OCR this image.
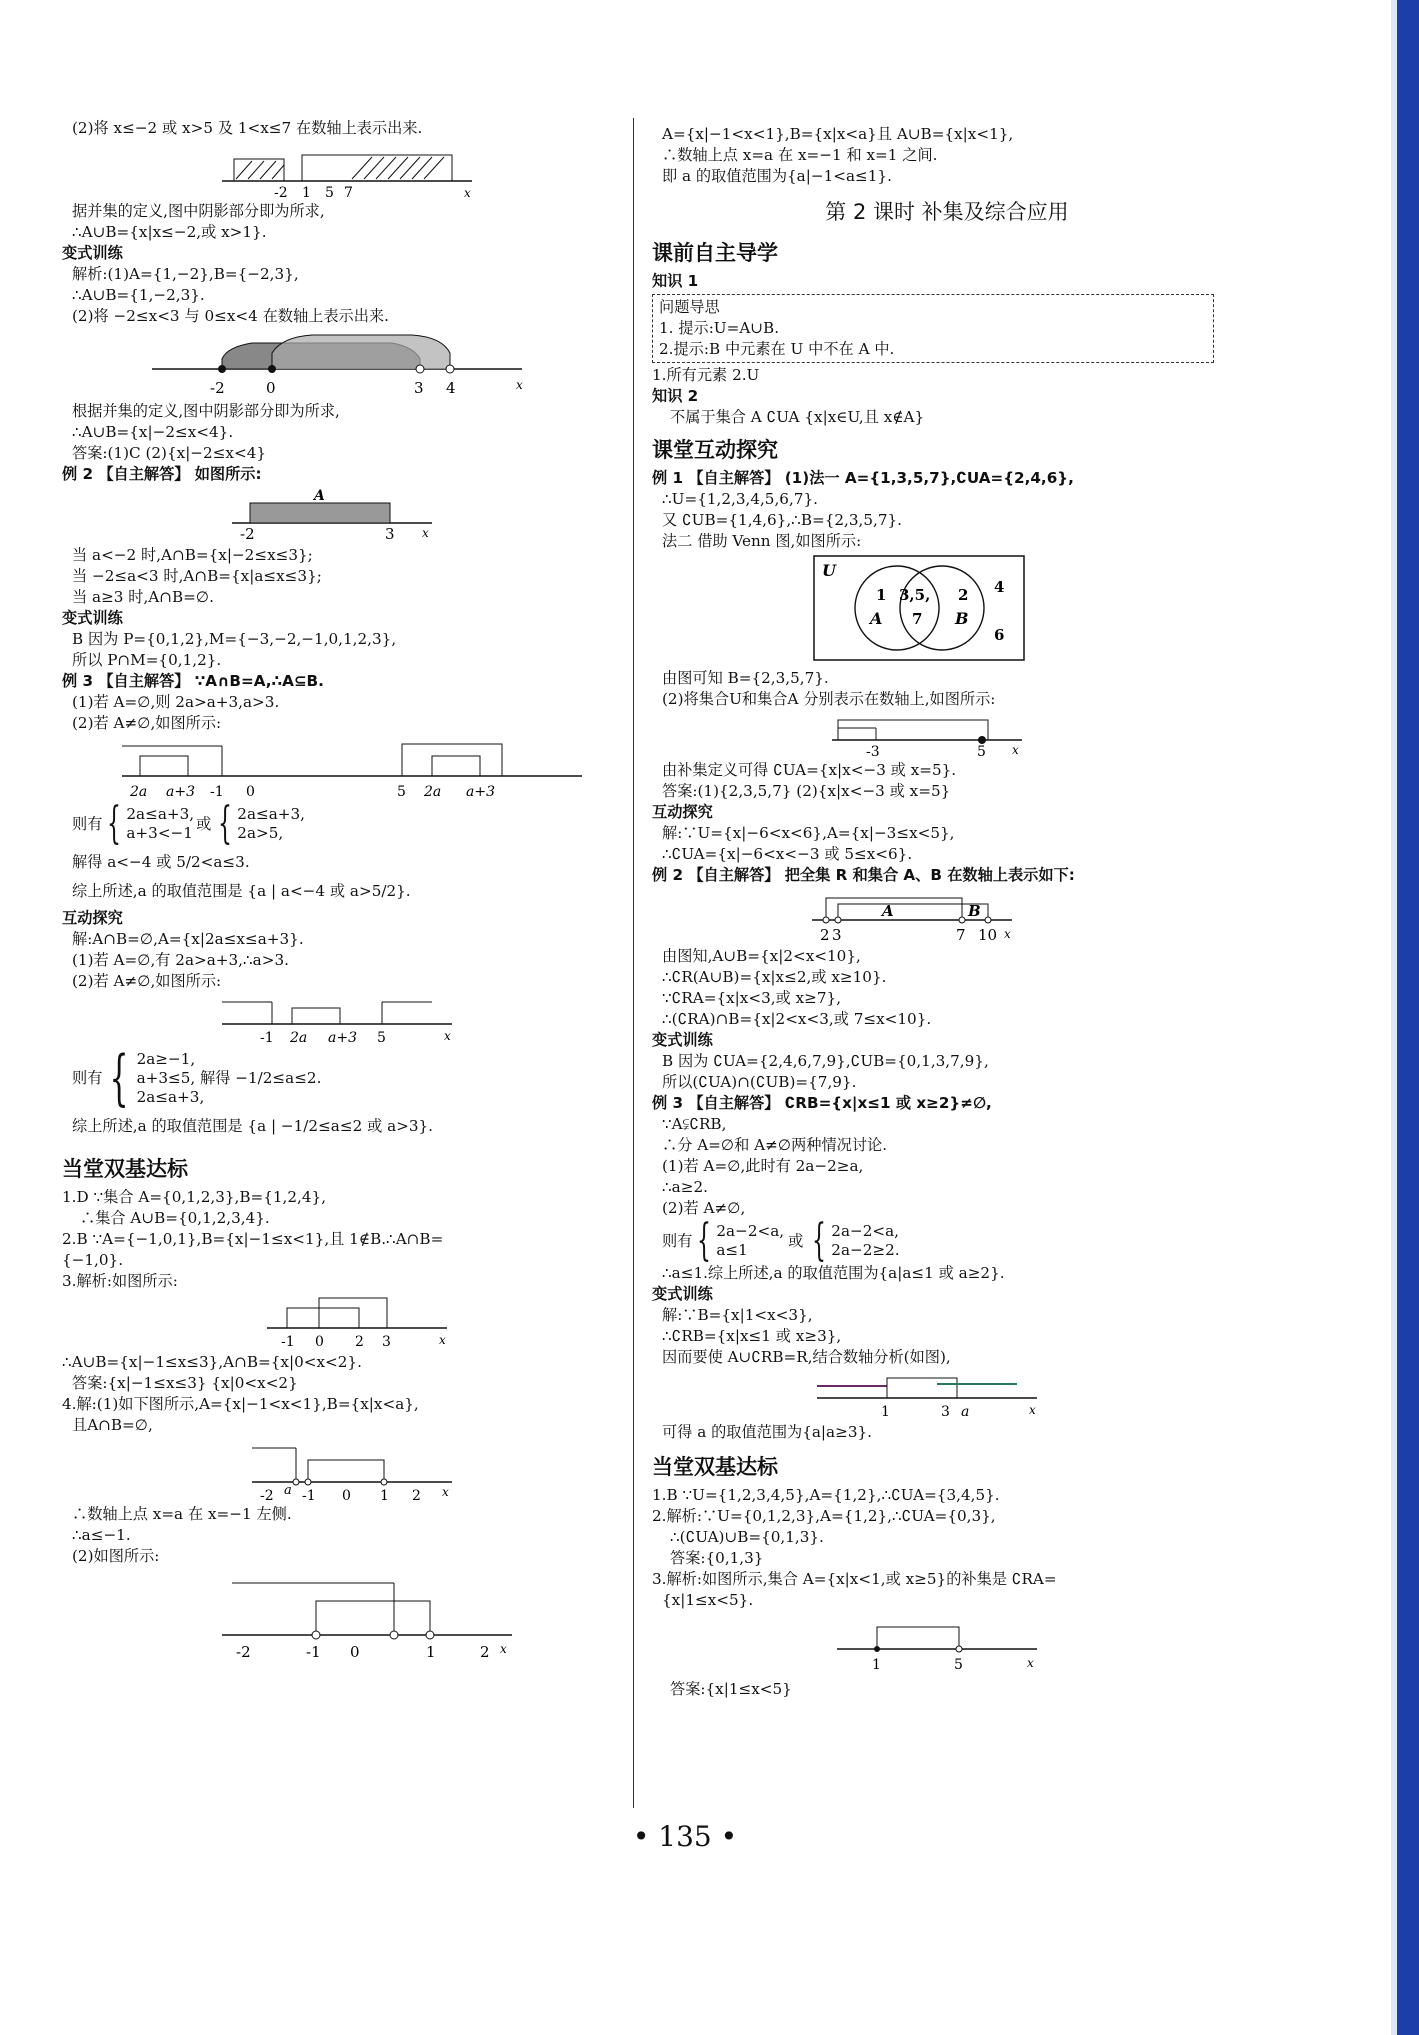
(2)将 x≤−2 或 x>5 及 1<x≤7 在数轴上表示出来.
-2 1 5 7	x
据并集的定义,图中阴影部分即为所求,
∴A∪B={x|x≤−2,或 x>1}.
变式训练
解析:(1)A={1,−2},B={−2,3},
∴A∪B={1,−2,3}.
(2)将 −2≤x<3 与 0≤x<4 在数轴上表示出来.
-2	0	3 4	x
根据并集的定义,图中阴影部分即为所求,
∴A∪B={x|−2≤x<4}.
答案:(1)C (2){x|−2≤x<4}
例 2 【自主解答】 如图所示:
A
-2	3 x
当 a<−2 时,A∩B={x|−2≤x≤3};
当 −2≤a<3 时,A∩B={x|a≤x≤3};
当 a≥3 时,A∩B=∅.
变式训练
B 因为 P={0,1,2},M={−3,−2,−1,0,1,2,3},
所以 P∩M={0,1,2}.
例 3 【自主解答】 ∵A∩B=A,∴A⊆B.
(1)若 A=∅,则 2a>a+3,a>3.
(2)若 A≠∅,如图所示:
2a a+3 -1 0	5 2a a+3
则有 { 2a≤a+3,
a+3<−1
或 { 2a≤a+3,
2a>5,
解得 a<−4 或 5/2<a≤3.
综上所述,a 的取值范围是 {a | a<−4 或 a>5/2}.
互动探究
解:A∩B=∅,A={x|2a≤x≤a+3}.
(1)若 A=∅,有 2a>a+3,∴a>3.
(2)若 A≠∅,如图所示:
-1 2a a+3 5	x
则有 { 2a≥−1,
a+3≤5, 解得 −1/2≤a≤2.
2a≤a+3,
综上所述,a 的取值范围是 {a | −1/2≤a≤2 或 a>3}.
当堂双基达标
1.D ∵集合 A={0,1,2,3},B={1,2,4},
∴集合 A∪B={0,1,2,3,4}.
2.B ∵A={−1,0,1},B={x|−1≤x<1},且 1∉B.∴A∩B=
{−1,0}.
3.解析:如图所示:
-1 0 2 3	x
∴A∪B={x|−1≤x≤3},A∩B={x|0<x<2}.
答案:{x|−1≤x≤3} {x|0<x<2}
4.解:(1)如下图所示,A={x|−1<x<1},B={x|x<a},
且A∩B=∅,
-2 a -1 0 1 2 x
∴数轴上点 x=a 在 x=−1 左侧.
∴a≤−1.
(2)如图所示:
-2	-1 0	1	2 x
A={x|−1<x<1},B={x|x<a}且 A∪B={x|x<1},
∴数轴上点 x=a 在 x=−1 和 x=1 之间.
即 a 的取值范围为{a|−1<a≤1}.
第 2 课时 补集及综合应用
课前自主导学
知识 1
问题导思
1. 提示:U=A∪B.
2.提示:B 中元素在 U 中不在 A 中.
1.所有元素 2.U
知识 2
不属于集合 A ∁UA {x|x∈U,且 x∉A}
课堂互动探究
例 1 【自主解答】 (1)法一 A={1,3,5,7},∁UA={2,4,6},
∴U={1,2,3,4,5,6,7}.
又 ∁UB={1,4,6},∴B={2,3,5,7}.
法二 借助 Venn 图,如图所示:
U
A	B
1 3,5,
7
2 4
6
由图可知 B={2,3,5,7}.
(2)将集合U和集合A 分别表示在数轴上,如图所示:
-3	5 x
由补集定义可得 ∁UA={x|x<−3 或 x=5}.
答案:(1){2,3,5,7} (2){x|x<−3 或 x=5}
互动探究
解:∵U={x|−6<x<6},A={x|−3≤x<5},
∴∁UA={x|−6<x<−3 或 5≤x<6}.
例 2 【自主解答】 把全集 R 和集合 A、B 在数轴上表示如下:
A	B
2 3	7 10 x
由图知,A∪B={x|2<x<10},
∴∁R(A∪B)={x|x≤2,或 x≥10}.
∵∁RA={x|x<3,或 x≥7},
∴(∁RA)∩B={x|2<x<3,或 7≤x<10}.
变式训练
B 因为 ∁UA={2,4,6,7,9},∁UB={0,1,3,7,9},
所以(∁UA)∩(∁UB)={7,9}.
例 3 【自主解答】 ∁RB={x|x≤1 或 x≥2}≠∅,
∵A⫋∁RB,
∴分 A=∅和 A≠∅两种情况讨论.
(1)若 A=∅,此时有 2a−2≥a,
∴a≥2.
(2)若 A≠∅,
则有 { 2a−2<a,
a≤1
或 { 2a−2<a,
2a−2≥2.
∴a≤1.综上所述,a 的取值范围为{a|a≤1 或 a≥2}.
变式训练
解:∵B={x|1<x<3},
∴∁RB={x|x≤1 或 x≥3},
因而要使 A∪∁RB=R,结合数轴分析(如图),
1	3 a	x
可得 a 的取值范围为{a|a≥3}.
当堂双基达标
1.B ∵U={1,2,3,4,5},A={1,2},∴∁UA={3,4,5}.
2.解析:∵U={0,1,2,3},A={1,2},∴∁UA={0,3},
∴(∁UA)∪B={0,1,3}.
答案:{0,1,3}
3.解析:如图所示,集合 A={x|x<1,或 x≥5}的补集是 ∁RA=
{x|1≤x<5}.
1	5	x
答案:{x|1≤x<5}
• 135 •
